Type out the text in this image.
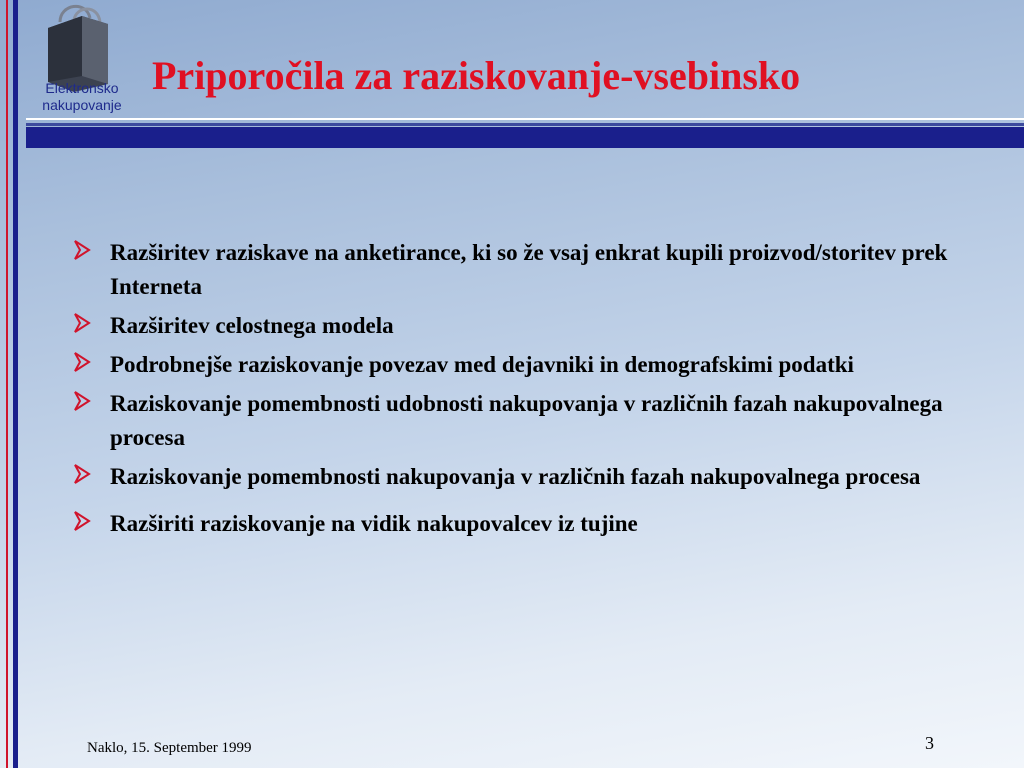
Elektronsko
nakupovanje
Priporočila za raziskovanje-vsebinsko
Razširitev raziskave na anketirance, ki so že vsaj enkrat kupili proizvod/storitev prek Interneta
Razširitev celostnega modela
Podrobnejše raziskovanje povezav med dejavniki in demografskimi podatki
Raziskovanje pomembnosti udobnosti nakupovanja v različnih fazah nakupovalnega procesa
Raziskovanje pomembnosti nakupovanja v različnih fazah nakupovalnega procesa
Razširiti raziskovanje na vidik nakupovalcev iz tujine
Naklo, 15. September 1999	3
